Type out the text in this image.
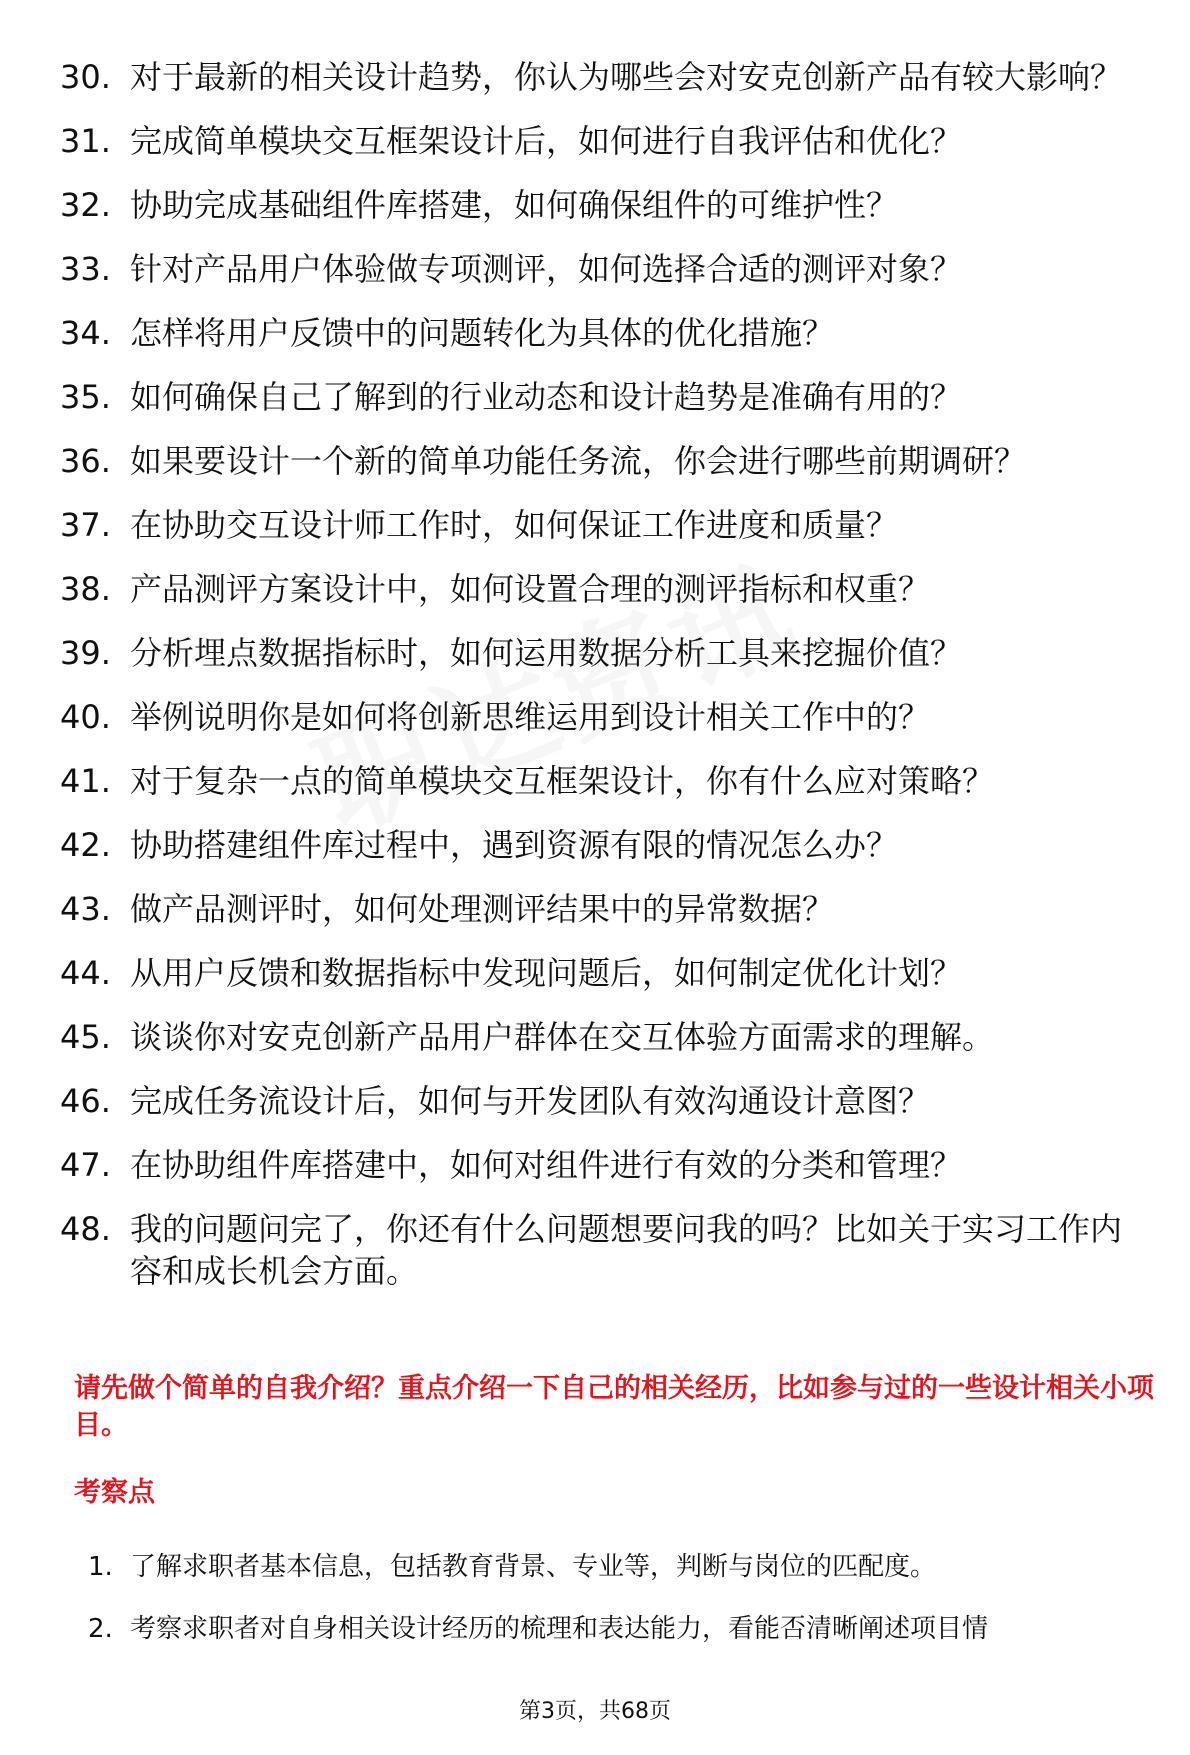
30. 对于最新的相关设计趋势，你认为哪些会对安克创新产品有较大影响？
31. 完成简单模块交互框架设计后，如何进行自我评估和优化？
32. 协助完成基础组件库搭建，如何确保组件的可维护性？
33. 针对产品用户体验做专项测评，如何选择合适的测评对象？
34. 怎样将用户反馈中的问题转化为具体的优化措施？
35. 如何确保自己了解到的行业动态和设计趋势是准确有用的？
36. 如果要设计一个新的简单功能任务流，你会进行哪些前期调研？
37. 在协助交互设计师工作时，如何保证工作进度和质量？
38. 产品测评方案设计中，如何设置合理的测评指标和权重？
39. 分析埋点数据指标时，如何运用数据分析工具来挖掘价值？
40. 举例说明你是如何将创新思维运用到设计相关工作中的？
41. 对于复杂一点的简单模块交互框架设计，你有什么应对策略？
42. 协助搭建组件库过程中，遇到资源有限的情况怎么办？
43. 做产品测评时，如何处理测评结果中的异常数据？
44. 从用户反馈和数据指标中发现问题后，如何制定优化计划？
45. 谈谈你对安克创新产品用户群体在交互体验方面需求的理解。
46. 完成任务流设计后，如何与开发团队有效沟通设计意图？
47. 在协助组件库搭建中，如何对组件进行有效的分类和管理？
48. 我的问题问完了，你还有什么问题想要问我的吗？比如关于实习工作内容和成长机会方面。

请先做个简单的自我介绍？重点介绍一下自己的相关经历，比如参与过的一些设计相关小项目。

考察点

1. 了解求职者基本信息，包括教育背景、专业等，判断与岗位的匹配度。
2. 考察求职者对自身相关设计经历的梳理和表达能力，看能否清晰阐述项目情
第3页，共68页
